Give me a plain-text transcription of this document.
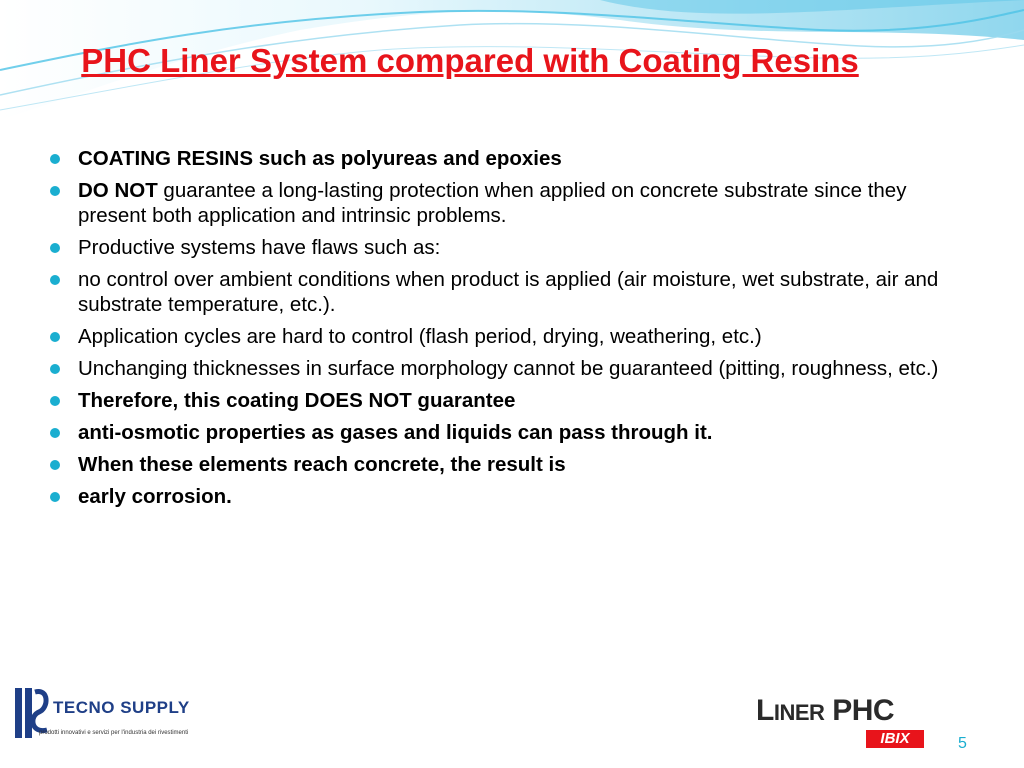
PHC Liner System compared with Coating Resins
COATING RESINS such as polyureas and epoxies
DO NOT guarantee a long-lasting protection when applied on concrete substrate since they present both application and intrinsic problems.
Productive systems have flaws such as:
no control over ambient conditions when product is applied (air moisture, wet substrate, air and substrate temperature, etc.).
Application cycles are hard to control (flash period, drying, weathering, etc.)
Unchanging thicknesses in surface morphology cannot be guaranteed (pitting, roughness, etc.)
Therefore, this coating DOES NOT guarantee
anti-osmotic properties as gases and liquids can pass through it.
When these elements reach concrete, the result is
early corrosion.
TECNO SUPPLY
prodotti innovativi e servizi per l'industria dei rivestimenti
LINER PHC
IBIX	5
